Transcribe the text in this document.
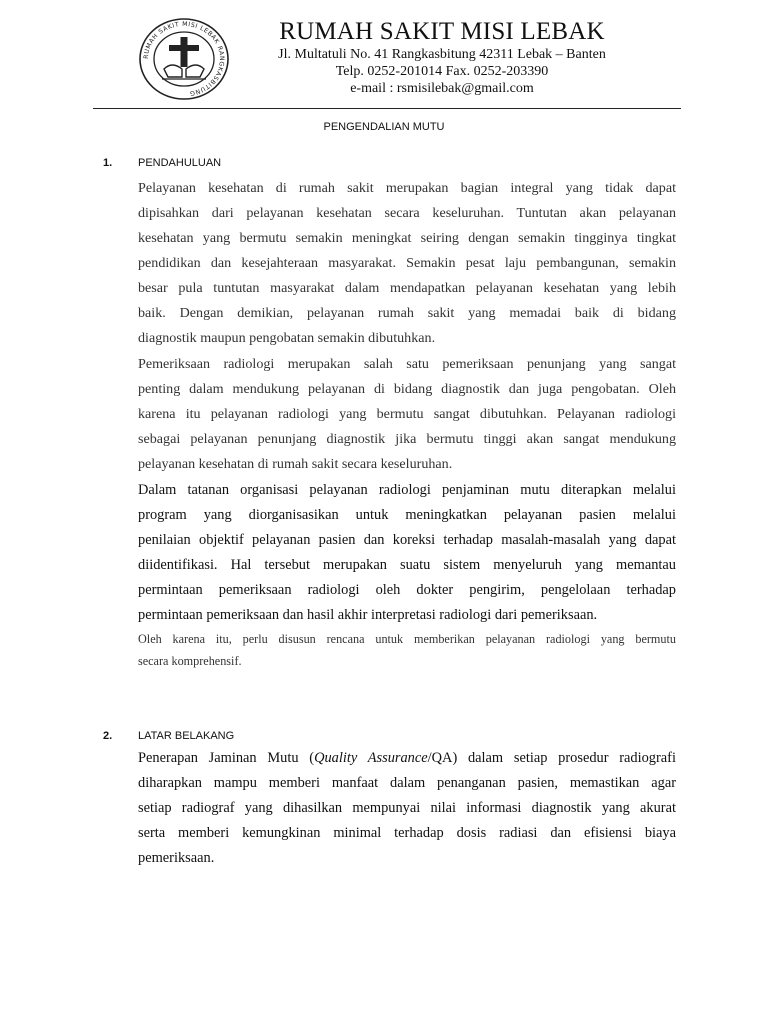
RUMAH SAKIT MISI LEBAK RANGKASBITUNG
RUMAH SAKIT MISI LEBAK
Jl. Multatuli No. 41 Rangkasbitung 42311 Lebak – Banten
Telp. 0252-201014 Fax. 0252-203390
e-mail : rsmisilebak@gmail.com
PENGENDALIAN MUTU
1. PENDAHULUAN
Pelayanan kesehatan di rumah sakit merupakan bagian integral yang tidak dapat
dipisahkan dari pelayanan kesehatan secara keseluruhan. Tuntutan akan pelayanan
kesehatan yang bermutu semakin meningkat seiring dengan semakin tingginya tingkat
pendidikan dan kesejahteraan masyarakat. Semakin pesat laju pembangunan, semakin
besar pula tuntutan masyarakat dalam mendapatkan pelayanan kesehatan yang lebih
baik. Dengan demikian, pelayanan rumah sakit yang memadai baik di bidang
diagnostik maupun pengobatan semakin dibutuhkan.
Pemeriksaan radiologi merupakan salah satu pemeriksaan penunjang yang sangat
penting dalam mendukung pelayanan di bidang diagnostik dan juga pengobatan. Oleh
karena itu pelayanan radiologi yang bermutu sangat dibutuhkan. Pelayanan radiologi
sebagai pelayanan penunjang diagnostik jika bermutu tinggi akan sangat mendukung
pelayanan kesehatan di rumah sakit secara keseluruhan.
Dalam tatanan organisasi pelayanan radiologi penjaminan mutu diterapkan melalui
program yang diorganisasikan untuk meningkatkan pelayanan pasien melalui
penilaian objektif pelayanan pasien dan koreksi terhadap masalah-masalah yang dapat
diidentifikasi. Hal tersebut merupakan suatu sistem menyeluruh yang memantau
permintaan pemeriksaan radiologi oleh dokter pengirim, pengelolaan terhadap
permintaan pemeriksaan dan hasil akhir interpretasi radiologi dari pemeriksaan.
Oleh karena itu, perlu disusun rencana untuk memberikan pelayanan radiologi yang bermutu
secara komprehensif.
2. LATAR BELAKANG
Penerapan Jaminan Mutu (Quality Assurance/QA) dalam setiap prosedur radiografi
diharapkan mampu memberi manfaat dalam penanganan pasien, memastikan agar
setiap radiograf yang dihasilkan mempunyai nilai informasi diagnostik yang akurat
serta memberi kemungkinan minimal terhadap dosis radiasi dan efisiensi biaya
pemeriksaan.
